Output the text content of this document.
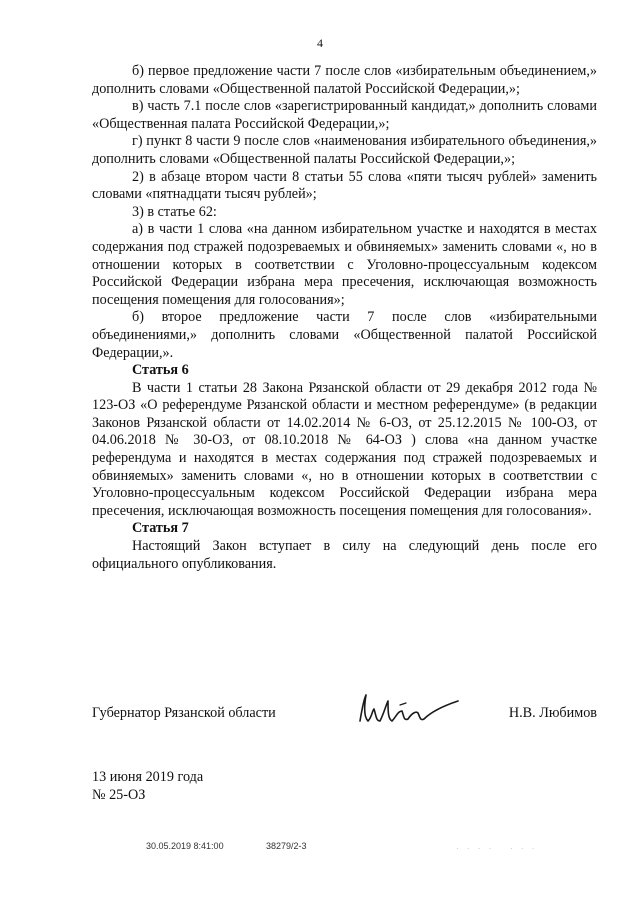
4

б) первое предложение части 7 после слов «избирательным объединением,» дополнить словами «Общественной палатой Российской Федерации,»;

в) часть 7.1 после слов «зарегистрированный кандидат,» дополнить словами «Общественная палата Российской Федерации,»;

г) пункт 8 части 9 после слов «наименования избирательного объединения,» дополнить словами «Общественной палаты Российской Федерации,»;

2) в абзаце втором части 8 статьи 55 слова «пяти тысяч рублей» заменить словами «пятнадцати тысяч рублей»;

3) в статье 62:

а) в части 1 слова «на данном избирательном участке и находятся в местах содержания под стражей подозреваемых и обвиняемых» заменить словами «, но в отношении которых в соответствии с Уголовно-процессуальным кодексом Российской Федерации избрана мера пресечения, исключающая возможность посещения помещения для голосования»;

б) второе предложение части 7 после слов «избирательными объединениями,» дополнить словами «Общественной палатой Российской Федерации,».

Статья 6

В части 1 статьи 28 Закона Рязанской области от 29 декабря 2012 года № 123-ОЗ «О референдуме Рязанской области и местном референдуме» (в редакции Законов Рязанской области от 14.02.2014 № 6-ОЗ, от 25.12.2015 № 100-ОЗ, от 04.06.2018 № 30-ОЗ, от 08.10.2018 № 64-ОЗ ) слова «на данном участке референдума и находятся в местах содержания под стражей подозреваемых и обвиняемых» заменить словами «, но в отношении которых в соответствии с Уголовно-процессуальным кодексом Российской Федерации избрана мера пресечения, исключающая возможность посещения помещения для голосования».

Статья 7

Настоящий Закон вступает в силу на следующий день после его официального опубликования.

Губернатор Рязанской области	Н.В. Любимов
13 июня 2019 года
№ 25-ОЗ
30.05.2019 8:41:00	38279/2-3	· · · ·   · · ·
